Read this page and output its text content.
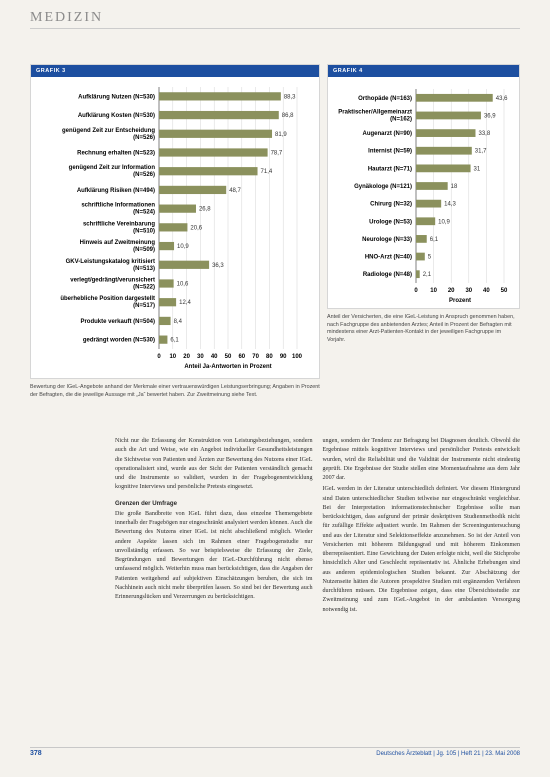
MEDIZIN
GRAFIK 3
0 10 20 30 40 50 60 70 80 90 100
Anteil Ja-Antworten in Prozent
Aufklärung Nutzen (N=530)	88,3
Aufklärung Kosten (N=530)	86,8
genügend Zeit zur Entscheidung (N=526)	81,9
Rechnung erhalten (N=523)	78,7
genügend Zeit zur Information (N=526)	71,4
Aufklärung Risiken (N=494)	48,7
schriftliche Informationen (N=524)	26,8
schriftliche Vereinbarung (N=510)	20,6
Hinweis auf Zweitmeinung (N=509)	10,9
GKV-Leistungskatalog kritisiert (N=513)	36,3
verlegt/gedrängt/verunsichert (N=522)	10,6
überhebliche Position dargestellt (N=517)	12,4
Produkte verkauft (N=504)	8,4
gedrängt worden (N=530)	6,1
Bewertung der IGeL-Angebote anhand der Merkmale einer vertrauenswürdigen Leistungserbringung; Angaben in Prozent der Befragten, die die jeweilige Aussage mit „Ja“ bewertet haben. Zur Zweitmeinung siehe Text.
GRAFIK 4
0 10 20 30 40 50
Prozent
Orthopäde (N=163)	43,6
Praktischer/Allgemeinarzt (N=162)	36,9
Augenarzt (N=90)	33,8
Internist (N=59)	31,7
Hautarzt (N=71)	31
Gynäkologe (N=121)	18
Chirurg (N=32)	14,3
Urologe (N=53)	10,9
Neurologe (N=33)	6,1
HNO-Arzt (N=40)	5
Radiologe (N=48) 2,1
Anteil der Versicherten, die eine IGeL-Leistung in Anspruch genommen haben, nach Fachgruppe des anbietenden Arztes; Anteil in Prozent der Befragten mit mindestens einer Arzt-Patienten-Kontakt in der jeweiligen Fachgruppe im Vorjahr.

Nicht nur die Erfassung der Konstruktion von Leistungsbeziehungen, sondern auch die Art und Weise, wie ein Angebot individueller Gesundheitsleistungen die Sichtweise von Patienten und Ärzten zur Bewertung des Nutzens einer IGeL operationalisiert sind, wurde aus der Sicht der Patienten verständlich gemacht und die Instrumente so validiert, wurden in der Fragebogenentwicklung kognitive Interviews und persönliche Pretests eingesetzt.

Grenzen der Umfrage

Die große Bandbreite von IGeL führt dazu, dass einzelne Themengebiete innerhalb der Fragebögen nur eingeschränkt analysiert werden können. Auch die Bewertung des Nutzens einer IGeL ist nicht abschließend möglich. Wieder andere Aspekte lassen sich im Rahmen einer Fragebogenstudie nur unvollständig erfassen. So war beispielsweise die Erfassung der Ziele, Begründungen und Bewertungen der IGeL-Durchführung nicht ebenso umfassend möglich. Weiterhin muss man berücksichtigen, dass die Angaben der Patienten weitgehend auf subjektiven Einschätzungen beruhen, die sich im Nachhinein auch nicht mehr überprüfen lassen. So sind bei der Bewertung auch Erinnerungslücken und Verzerrungen zu berücksichtigen.

ungen, sondern der Tendenz zur Befragung bei Diagnosen deutlich. Obwohl die Ergebnisse mittels kognitiver Interviews und persönlicher Pretests entwickelt wurden, wird die Reliabilität und die Validität der Instrumente nicht eindeutig geprüft. Die Ergebnisse der Studie stellen eine Momentaufnahme aus dem Jahr 2007 dar.

IGeL werden in der Literatur unterschiedlich definiert. Vor diesem Hintergrund sind Daten unterschiedlicher Studien teilweise nur eingeschränkt vergleichbar. Bei der Interpretation informationstechnischer Ergebnisse sollte man berücksichtigen, dass aufgrund der primär deskriptiven Studienmethodik nicht für zufällige Effekte adjustiert wurde. Im Rahmen der Screeninguntersuchung und aus der Literatur sind Selektionseffekte anzunehmen. So ist der Anteil von Versicherten mit höherem Bildungsgrad und mit höherem Einkommen überrepräsentiert. Eine Gewichtung der Daten erfolgte nicht, weil die Stichprobe hinsichtlich Alter und Geschlecht repräsentativ ist. Ähnliche Erhebungen sind aus anderen epidemiologischen Studien bekannt. Zur Abschätzung der Nutzenseite hätten die Autoren prospektive Studien mit ergänzenden Verfahren durchführen müssen. Die Ergebnisse zeigen, dass eine Übersichtsstudie zur Zweitmeinung und zum IGeL-Angebot in der ambulanten Versorgung notwendig ist.

378	Deutsches Ärzteblatt | Jg. 105 | Heft 21 | 23. Mai 2008
